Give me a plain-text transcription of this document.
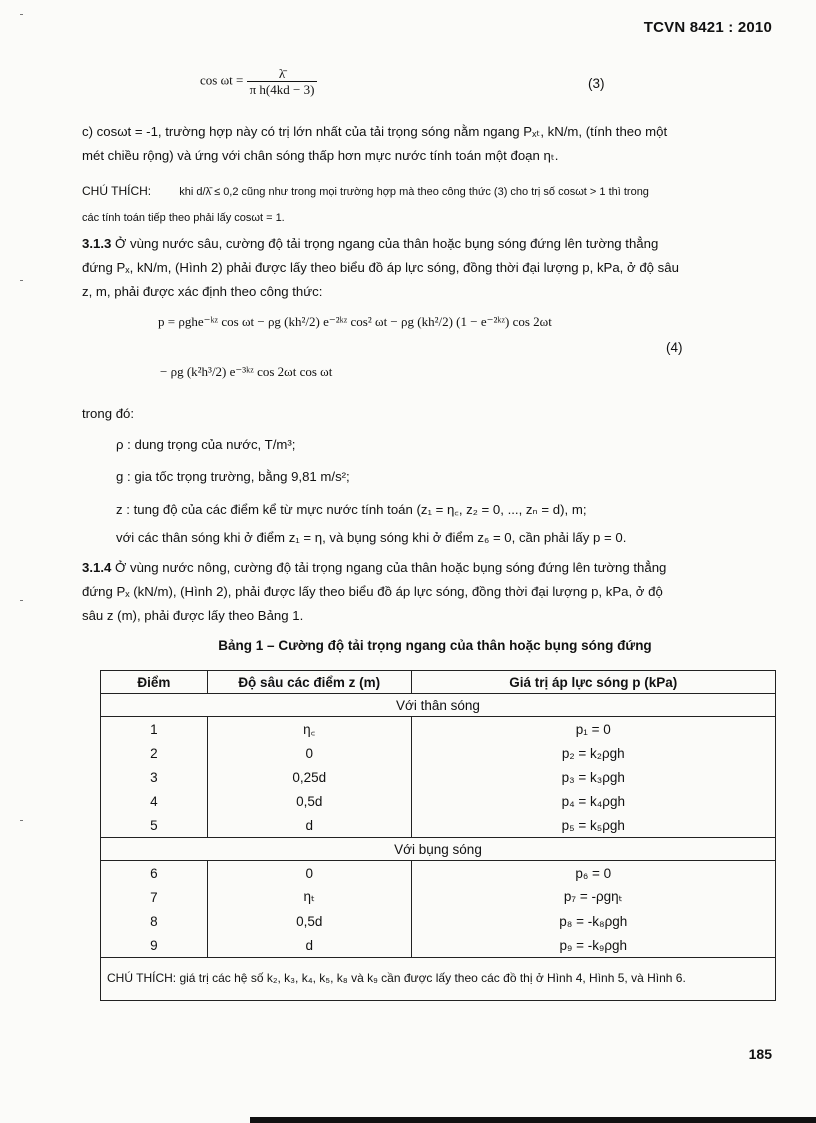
TCVN 8421 : 2010
$\cos \omega t = \frac{\lambdā}{\text{π h(4kd − 3)}}$	(3)
c) cosωt = -1, trường hợp này có trị lớn nhất của tải trọng sóng nằm ngang Pₓₜ, kN/m, (tính theo một
mét chiều rộng) và ứng với chân sóng thấp hơn mực nước tính toán một đoạn ηₜ.
CHÚ THÍCH:	khi d/λ̄ ≤ 0,2 cũng như trong mọi trường hợp mà theo công thức (3) cho trị số cosωt > 1 thì trong
các tính toán tiếp theo phải lấy cosωt = 1.
3.1.3 Ở vùng nước sâu, cường độ tải trọng ngang của thân hoặc bụng sóng đứng lên tường thẳng
đứng Pₓ, kN/m, (Hình 2) phải được lấy theo biểu đồ áp lực sóng, đồng thời đại lượng p, kPa, ở độ sâu
z, m, phải được xác định theo công thức:
p = ρghe⁻ᵏᶻ cos ωt − ρg (kh²/2) e⁻²ᵏᶻ cos² ωt − ρg (kh²/2) (1 − e⁻²ᵏᶻ) cos 2ωt
− ρg (k²h³/2) e⁻³ᵏᶻ cos 2ωt cos ωt
(4)
trong đó:
ρ : dung trọng của nước, T/m³;
g : gia tốc trọng trường, bằng 9,81 m/s²;
z : tung độ của các điểm kể từ mực nước tính toán (z₁ = η꜀, z₂ = 0, ..., zₙ = d), m;
với các thân sóng khi ở điểm z₁ = η, và bụng sóng khi ở điểm z₆ = 0, cần phải lấy p = 0.
3.1.4 Ở vùng nước nông, cường độ tải trọng ngang của thân hoặc bụng sóng đứng lên tường thẳng
đứng Pₓ (kN/m), (Hình 2), phải được lấy theo biểu đồ áp lực sóng, đồng thời đại lượng p, kPa, ở độ
sâu z (m), phải được lấy theo Bảng 1.
Bảng 1 – Cường độ tải trọng ngang của thân hoặc bụng sóng đứng
Điểm	Độ sâu các điểm z (m)	Giá trị áp lực sóng p (kPa)
Với thân sóng		
1	η꜀	p₁ = 0
2	0	p₂ = k₂ρgh
3	0,25d	p₃ = k₃ρgh
4	0,5d	p₄ = k₄ρgh
5	d	p₅ = k₅ρgh
Với bụng sóng		
6	0	p₆ = 0
7	ηₜ	p₇ = -ρgηₜ
8	0,5d	p₈ = -k₈ρgh
9	d	p₉ = -k₉ρgh
CHÚ THÍCH: giá trị các hệ số k₂, k₃, k₄, k₅, k₈ và k₉ cần được lấy theo các đồ thị ở Hình 4, Hình 5, và Hình 6.		
185
